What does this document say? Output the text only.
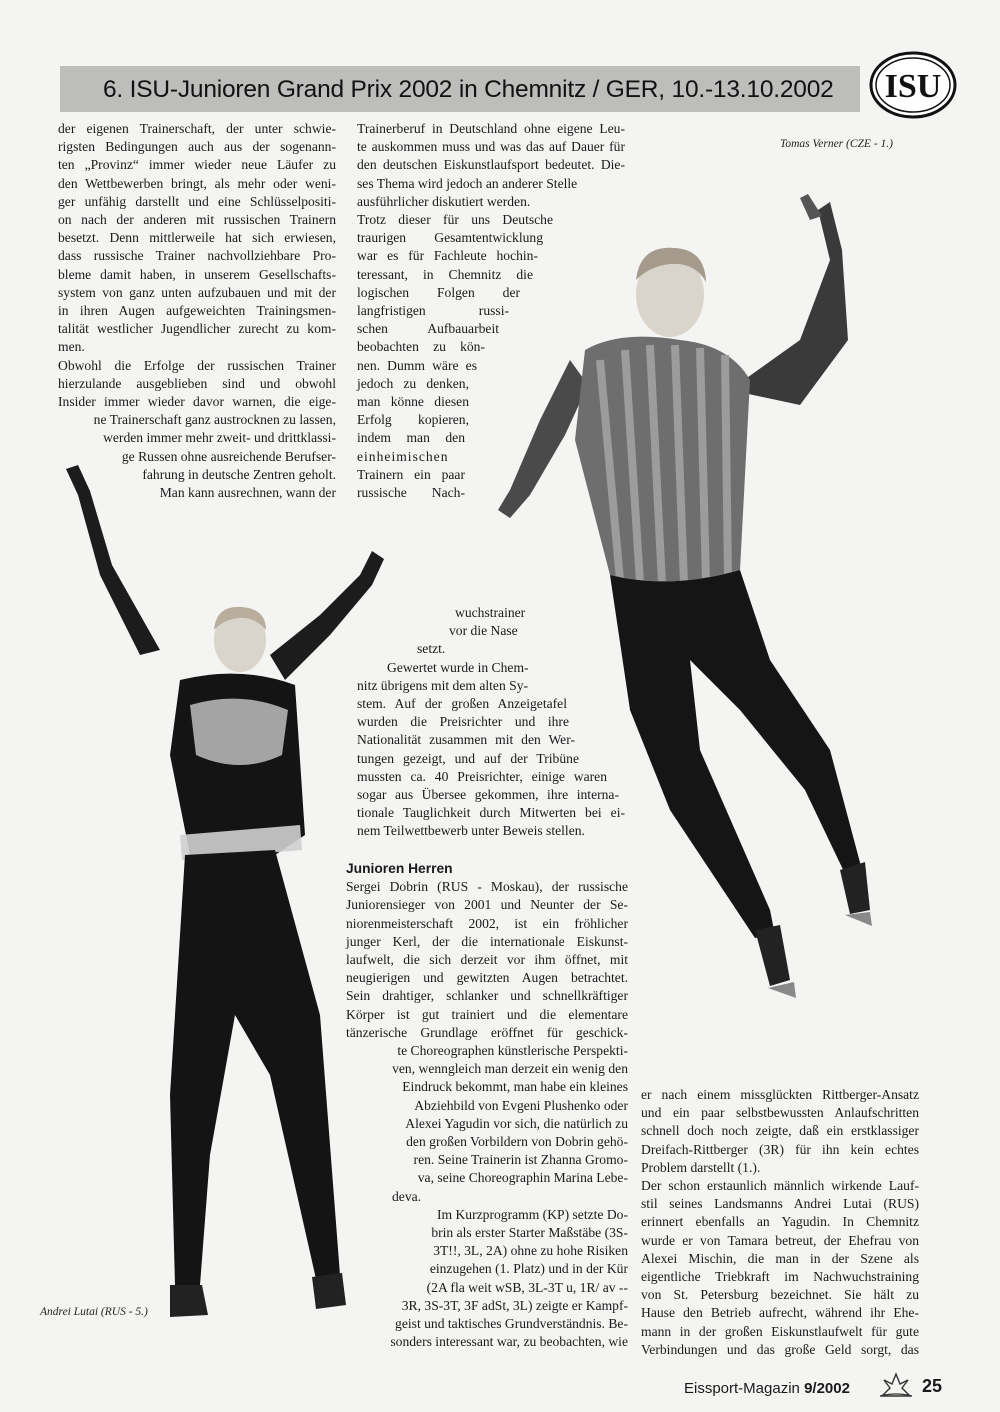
6. ISU-Junioren Grand Prix 2002 in Chemnitz / GER, 10.-13.10.2002 ISU

der eigenen Trainerschaft, der unter schwie-

rigsten Bedingungen auch aus der sogenann-

ten „Provinz“ immer wieder neue Läufer zu

den Wettbewerben bringt, als mehr oder weni-

ger unfähig darstellt und eine Schlüsselpositi-

on nach der anderen mit russischen Trainern

besetzt. Denn mittlerweile hat sich erwiesen,

dass russische Trainer nachvollziehbare Pro-

bleme damit haben, in unserem Gesellschafts-

system von ganz unten aufzubauen und mit der

in ihren Augen aufgeweichten Trainingsmen-

talität westlicher Jugendlicher zurecht zu kom-

men.

Obwohl die Erfolge der russischen Trainer

hierzulande ausgeblieben sind und obwohl

Insider immer wieder davor warnen, die eige-

ne Trainerschaft ganz austrocknen zu lassen,

werden immer mehr zweit- und drittklassi-

ge Russen ohne ausreichende Berufser-

fahrung in deutsche Zentren geholt.

Man kann ausrechnen, wann der

Trainerberuf in Deutschland ohne eigene Leu-

te auskommen muss und was das auf Dauer für

den deutschen Eiskunstlaufsport bedeutet. Die-

ses Thema wird jedoch an anderer Stelle

ausführlicher diskutiert werden.

Trotz dieser für uns Deutsche

traurigen Gesamtentwicklung

war es für Fachleute hochin-

teressant, in Chemnitz die

logischen Folgen der

langfristigen russi-

schen Aufbauarbeit

beobachten zu kön-

nen. Dumm wäre es

jedoch zu denken,

man könne diesen

Erfolg kopieren,

indem man den

einheimischen

Trainern ein paar

russische Nach-

wuchstrainer

vor die Nase

setzt.

Gewertet wurde in Chem-

nitz übrigens mit dem alten Sy-

stem. Auf der großen Anzeigetafel

wurden die Preisrichter und ihre

Nationalität zusammen mit den Wer-

tungen gezeigt, und auf der Tribüne

mussten ca. 40 Preisrichter, einige waren

sogar aus Übersee gekommen, ihre interna-

tionale Tauglichkeit durch Mitwerten bei ei-

nem Teilwettbewerb unter Beweis stellen.

Junioren Herren

Sergei Dobrin (RUS - Moskau), der russische

Juniorensieger von 2001 und Neunter der Se-

niorenmeisterschaft 2002, ist ein fröhlicher

junger Kerl, der die internationale Eiskunst-

laufwelt, die sich derzeit vor ihm öffnet, mit

neugierigen und gewitzten Augen betrachtet.

Sein drahtiger, schlanker und schnellkräftiger

Körper ist gut trainiert und die elementare

tänzerische Grundlage eröffnet für geschick-

te Choreographen künstlerische Perspekti-

ven, wenngleich man derzeit ein wenig den

Eindruck bekommt, man habe ein kleines

Abziehbild von Evgeni Plushenko oder

Alexei Yagudin vor sich, die natürlich zu

den großen Vorbildern von Dobrin gehö-

ren. Seine Trainerin ist Zhanna Gromo-

va, seine Choreographin Marina Lebe-

deva.

Im Kurzprogramm (KP) setzte Do-

brin als erster Starter Maßstäbe (3S-

3T!!, 3L, 2A) ohne zu hohe Risiken

einzugehen (1. Platz) und in der Kür

(2A fla weit wSB, 3L-3T u, 1R/ av --

3R, 3S-3T, 3F adSt, 3L) zeigte er Kampf-

geist und taktisches Grundverständnis. Be-

sonders interessant war, zu beobachten, wie

er nach einem missglückten Rittberger-Ansatz

und ein paar selbstbewussten Anlaufschritten

schnell doch noch zeigte, daß ein erstklassiger

Dreifach-Rittberger (3R) für ihn kein echtes

Problem darstellt (1.).

Der schon erstaunlich männlich wirkende Lauf-

stil seines Landsmanns Andrei Lutai (RUS)

erinnert ebenfalls an Yagudin. In Chemnitz

wurde er von Tamara betreut, der Ehefrau von

Alexei Mischin, die man in der Szene als

eigentliche Triebkraft im Nachwuchstraining

von St. Petersburg bezeichnet. Sie hält zu

Hause den Betrieb aufrecht, während ihr Ehe-

mann in der großen Eiskunstlaufwelt für gute

Verbindungen und das große Geld sorgt, das

Tomas Verner (CZE - 1.)
Andrei Lutai (RUS - 5.)
Eissport-Magazin 9/2002	25
